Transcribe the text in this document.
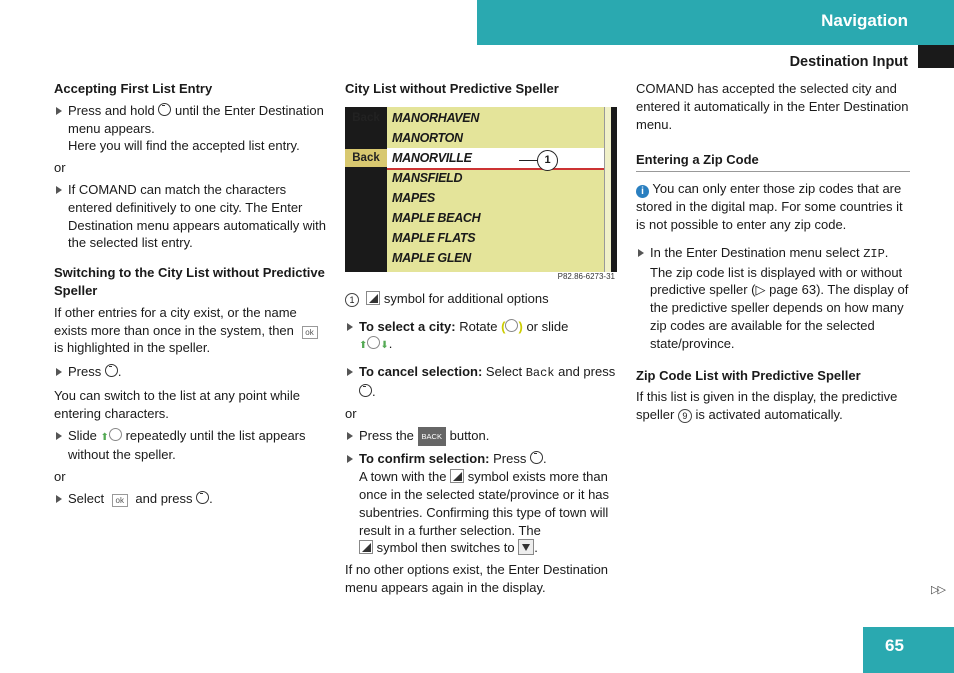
Navigation
Destination Input
Accepting First List Entry
Press and hold until the Enter Destination menu appears.
Here you will find the accepted list entry.

or

If COMAND can match the characters entered definitively to one city. The Enter Destination menu appears automatically with the selected list entry.
Switching to the City List without Predictive Speller

If other entries for a city exist, or the name exists more than once in the system, then ok is highlighted in the speller.

Press .

You can switch to the list at any point while entering characters.

Slide ⬆ repeatedly until the list appears without the speller.

or

Select ok and press .
City List without Predictive Speller
Back
Back
MANORHAVEN
MANORTON
MANORVILLE
MANSFIELD
MAPES
MAPLE BEACH
MAPLE FLATS
MAPLE GLEN
1
P82.86-6273-31

1 symbol for additional options

To select a city: Rotate ( ) or slide
⬆ ⬇.
To cancel selection: Select Back and press .

or

Press the BACK button.
To confirm selection: Press .
A town with the symbol exists more than once in the selected state/province or it has subentries. Confirming this type of town will result in a further selection. The
symbol then switches to .

If no other options exist, the Enter Destination menu appears again in the display.

COMAND has accepted the selected city and entered it automatically in the Enter Destination menu.

Entering a Zip Code

i You can only enter those zip codes that are stored in the digital map. For some countries it is not possible to enter any zip code.

In the Enter Destination menu select ZIP.
The zip code list is displayed with or without predictive speller (▷ page 63). The display of the predictive speller depends on how many zip codes are available for the selected state/province.
Zip Code List with Predictive Speller

If this list is given in the display, the predictive speller 9 is activated automatically.

▷▷
65
